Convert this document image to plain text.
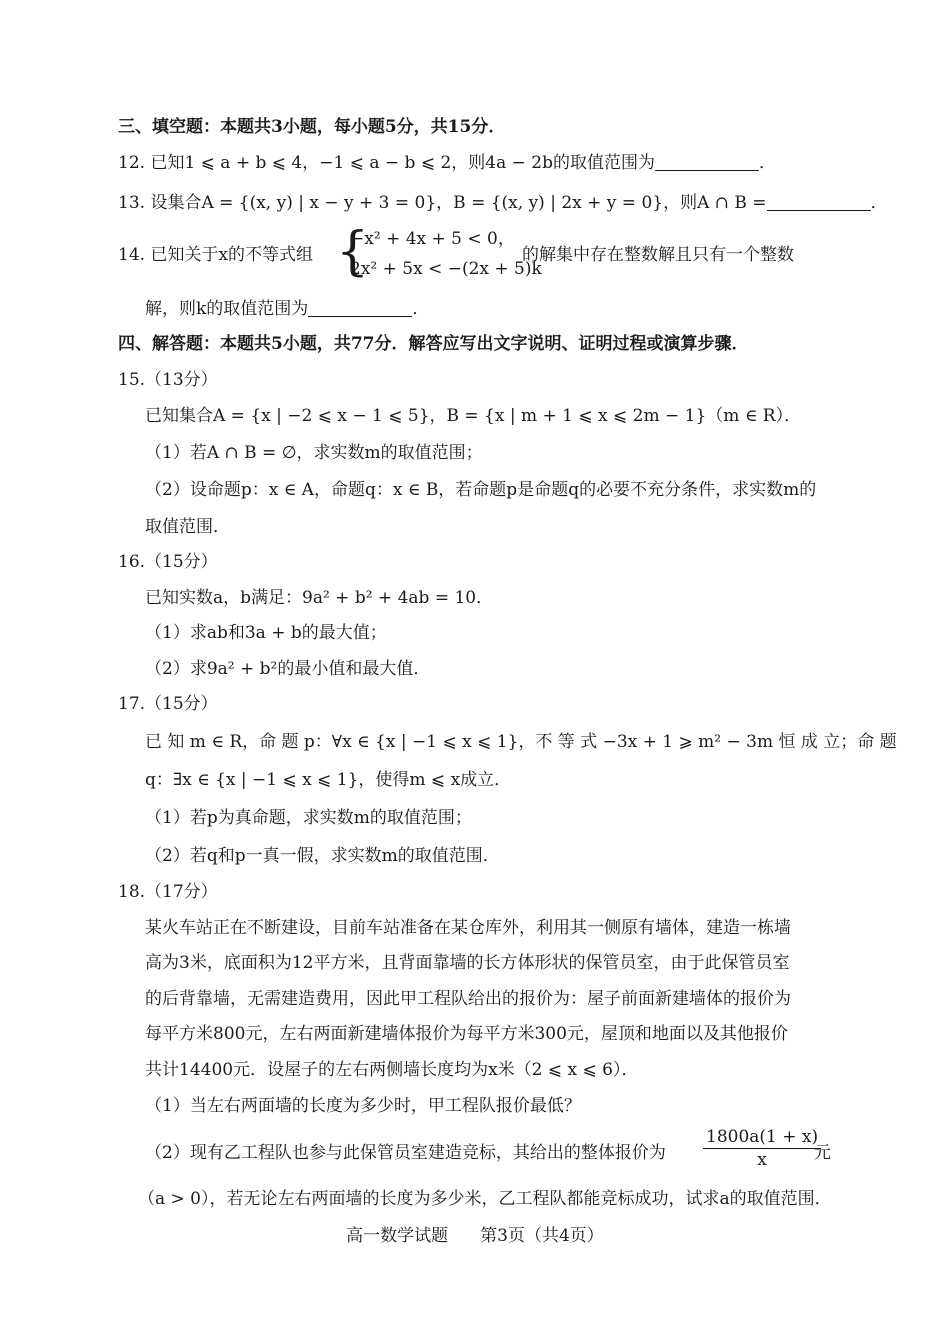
三、填空题：本题共3小题，每小题5分，共15分．
12. 已知1 ⩽ a + b ⩽ 4，−1 ⩽ a − b ⩽ 2，则4a − 2b的取值范围为	．
13. 设集合A = {(x, y) | x − y + 3 = 0}，B = {(x, y) | 2x + y = 0}，则A ∩ B =	．
14. 已知关于x的不等式组 {
−x² + 4x + 5 < 0，
2x² + 5x < −(2x + 5)k
的解集中存在整数解且只有一个整数
解，则k的取值范围为	．
四、解答题：本题共5小题，共77分．解答应写出文字说明、证明过程或演算步骤．
15.（13分）
已知集合A = {x | −2 ⩽ x − 1 ⩽ 5}，B = {x | m + 1 ⩽ x ⩽ 2m − 1}（m ∈ R）．
（1）若A ∩ B = ∅，求实数m的取值范围；
（2）设命题p：x ∈ A，命题q：x ∈ B，若命题p是命题q的必要不充分条件，求实数m的
取值范围．
16.（15分）
已知实数a，b满足：9a² + b² + 4ab = 10．
（1）求ab和3a + b的最大值；
（2）求9a² + b²的最小值和最大值．
17.（15分）
已 知 m ∈ R，命 题 p：∀x ∈ {x | −1 ⩽ x ⩽ 1}，不 等 式 −3x + 1 ⩾ m² − 3m 恒 成 立；命 题
q：∃x ∈ {x | −1 ⩽ x ⩽ 1}，使得m ⩽ x成立．
（1）若p为真命题，求实数m的取值范围；
（2）若q和p一真一假，求实数m的取值范围．
18.（17分）
某火车站正在不断建设，目前车站准备在某仓库外，利用其一侧原有墙体，建造一栋墙
高为3米，底面积为12平方米，且背面靠墙的长方体形状的保管员室，由于此保管员室
的后背靠墙，无需建造费用，因此甲工程队给出的报价为：屋子前面新建墙体的报价为
每平方米800元，左右两面新建墙体报价为每平方米300元，屋顶和地面以及其他报价
共计14400元．设屋子的左右两侧墙长度均为x米（2 ⩽ x ⩽ 6）．
（1）当左右两面墙的长度为多少时，甲工程队报价最低？
（2）现有乙工程队也参与此保管员室建造竞标，其给出的整体报价为 $\frac{1800a(1 + x)}{x}$
元
（a > 0），若无论左右两面墙的长度为多少米，乙工程队都能竞标成功，试求a的取值范围．
高一数学试题 第3页（共4页）
